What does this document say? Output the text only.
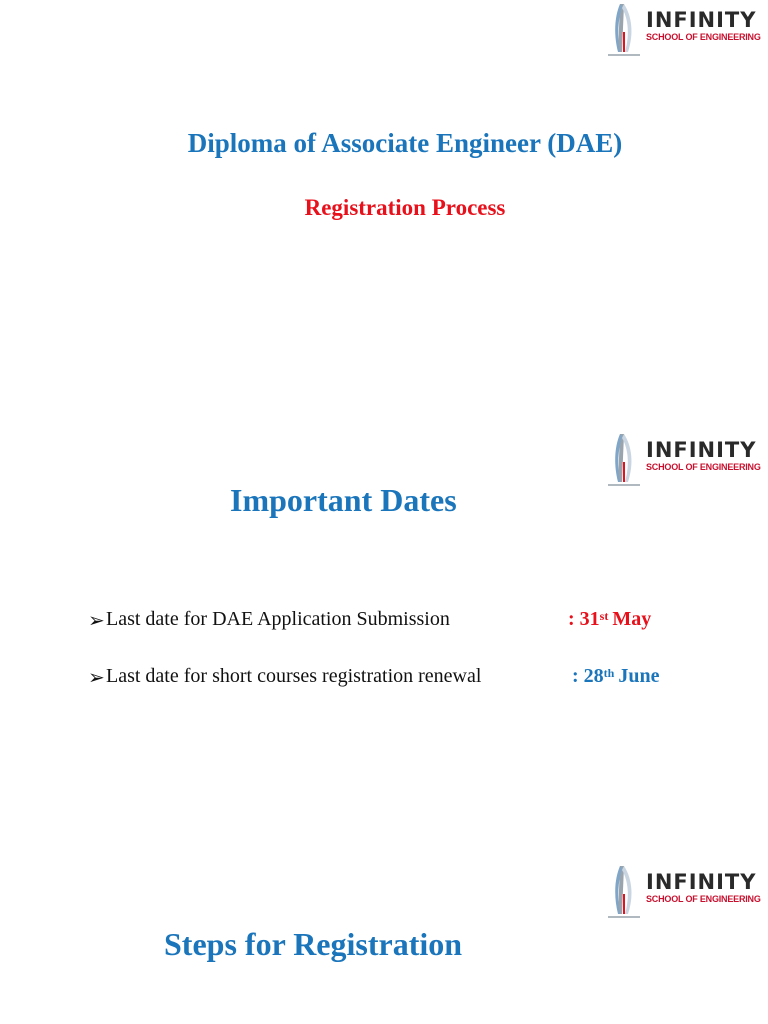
INFINITY
SCHOOL OF ENGINEERING
Diploma of Associate Engineer (DAE)
Registration Process
INFINITY
SCHOOL OF ENGINEERING
Important Dates
➢ Last date for DAE Application Submission	: 31st May
➢ Last date for short courses registration renewal	: 28th June
INFINITY
SCHOOL OF ENGINEERING
Steps for Registration
